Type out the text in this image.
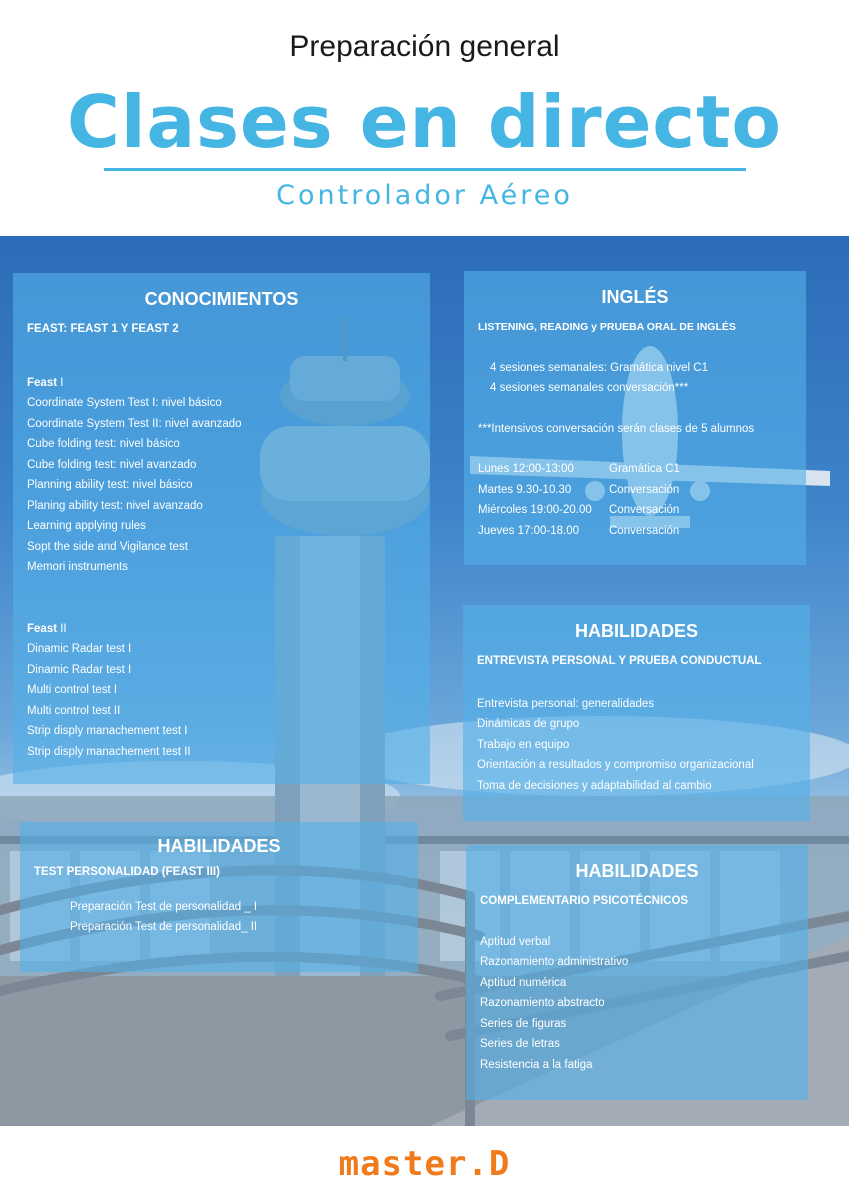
Preparación general
Clases en directo
Controlador Aéreo
CONOCIMIENTOS
FEAST: FEAST 1 Y FEAST 2
Feast I
Coordinate System Test I: nivel básico
Coordinate System Test II: nivel avanzado
Cube folding test: nivel básico
Cube folding test: nivel avanzado
Planning ability test: nivel básico
Planing ability test: nivel avanzado
Learning applying rules
Sopt the side and Vigilance test
Memori instruments
Feast II
Dinamic Radar test I
Dinamic Radar test I
Multi control test I
Multi control test II
Strip disply manachement test I
Strip disply manachement test II
INGLÉS
LISTENING, READING y PRUEBA ORAL DE INGLÉS
4 sesiones semanales: Gramática nivel C1
4 sesiones semanales conversación***
***Intensivos conversación serán clases de 5 alumnos
Lunes 12:00-13:00	Gramática C1
Martes 9.30-10.30	Conversación
Miércoles 19:00-20.00	Conversación
Jueves 17:00-18.00	Conversación
HABILIDADES
ENTREVISTA PERSONAL Y PRUEBA CONDUCTUAL
Entrevista personal: generalidades
Dinámicas de grupo
Trabajo en equipo
Orientación a resultados y compromiso organizacional
Toma de decisiones y adaptabilidad al cambio
HABILIDADES
TEST PERSONALIDAD (FEAST III)
Preparación Test de personalidad _ I
Preparación Test de personalidad_ II
HABILIDADES
COMPLEMENTARIO PSICOTÉCNICOS
Aptitud verbal
Razonamiento administrativo
Aptitud numérica
Razonamiento abstracto
Series de figuras
Series de letras
Resistencia a la fatiga
master.D
